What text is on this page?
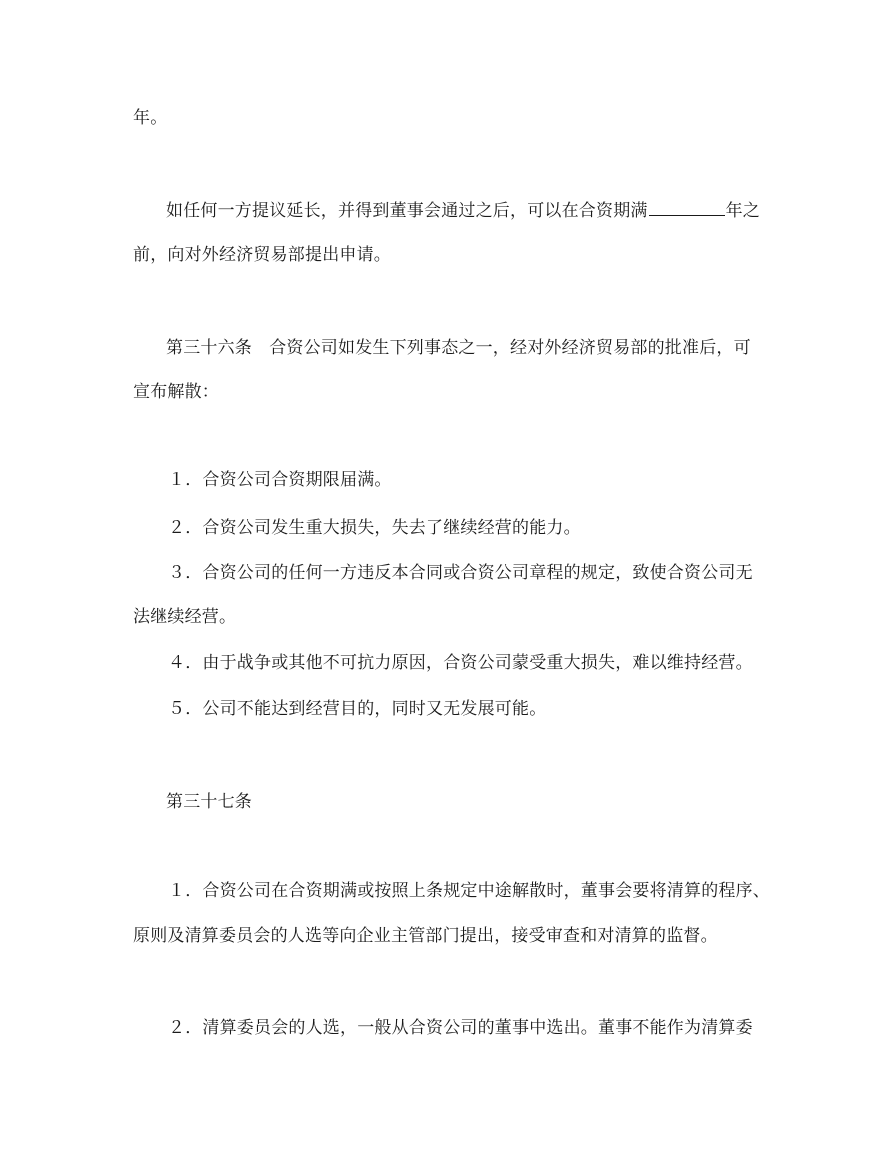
年。
如任何一方提议延长，并得到董事会通过之后，可以在合资期满	年之
前，向对外经济贸易部提出申请。
第三十六条　合资公司如发生下列事态之一，经对外经济贸易部的批准后，可
宣布解散：
１．合资公司合资期限届满。
２．合资公司发生重大损失，失去了继续经营的能力。
３．合资公司的任何一方违反本合同或合资公司章程的规定，致使合资公司无
法继续经营。
４．由于战争或其他不可抗力原因，合资公司蒙受重大损失，难以维持经营。
５．公司不能达到经营目的，同时又无发展可能。
第三十七条
１．合资公司在合资期满或按照上条规定中途解散时，董事会要将清算的程序、
原则及清算委员会的人选等向企业主管部门提出，接受审查和对清算的监督。
２．清算委员会的人选，一般从合资公司的董事中选出。董事不能作为清算委
